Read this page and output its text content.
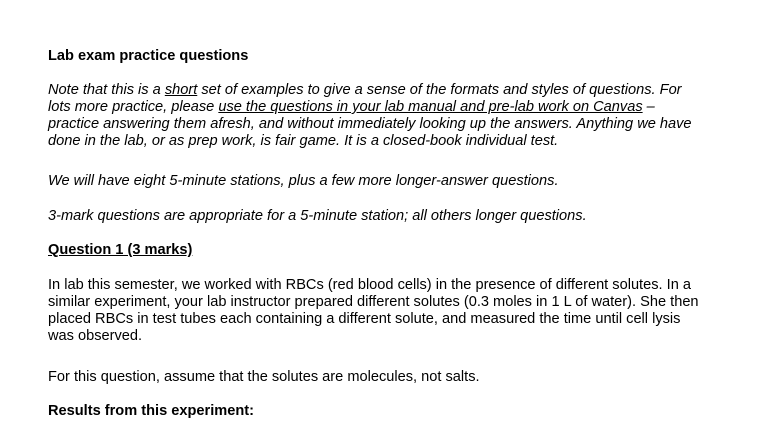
Lab exam practice questions
Note that this is a short set of examples to give a sense of the formats and styles of questions. For
lots more practice, please use the questions in your lab manual and pre-lab work on Canvas –
practice answering them afresh, and without immediately looking up the answers. Anything we have
done in the lab, or as prep work, is fair game. It is a closed-book individual test.
We will have eight 5-minute stations, plus a few more longer-answer questions.
3-mark questions are appropriate for a 5-minute station; all others longer questions.
Question 1 (3 marks)
In lab this semester, we worked with RBCs (red blood cells) in the presence of different solutes. In a
similar experiment, your lab instructor prepared different solutes (0.3 moles in 1 L of water). She then
placed RBCs in test tubes each containing a different solute, and measured the time until cell lysis
was observed.
For this question, assume that the solutes are molecules, not salts.
Results from this experiment:
